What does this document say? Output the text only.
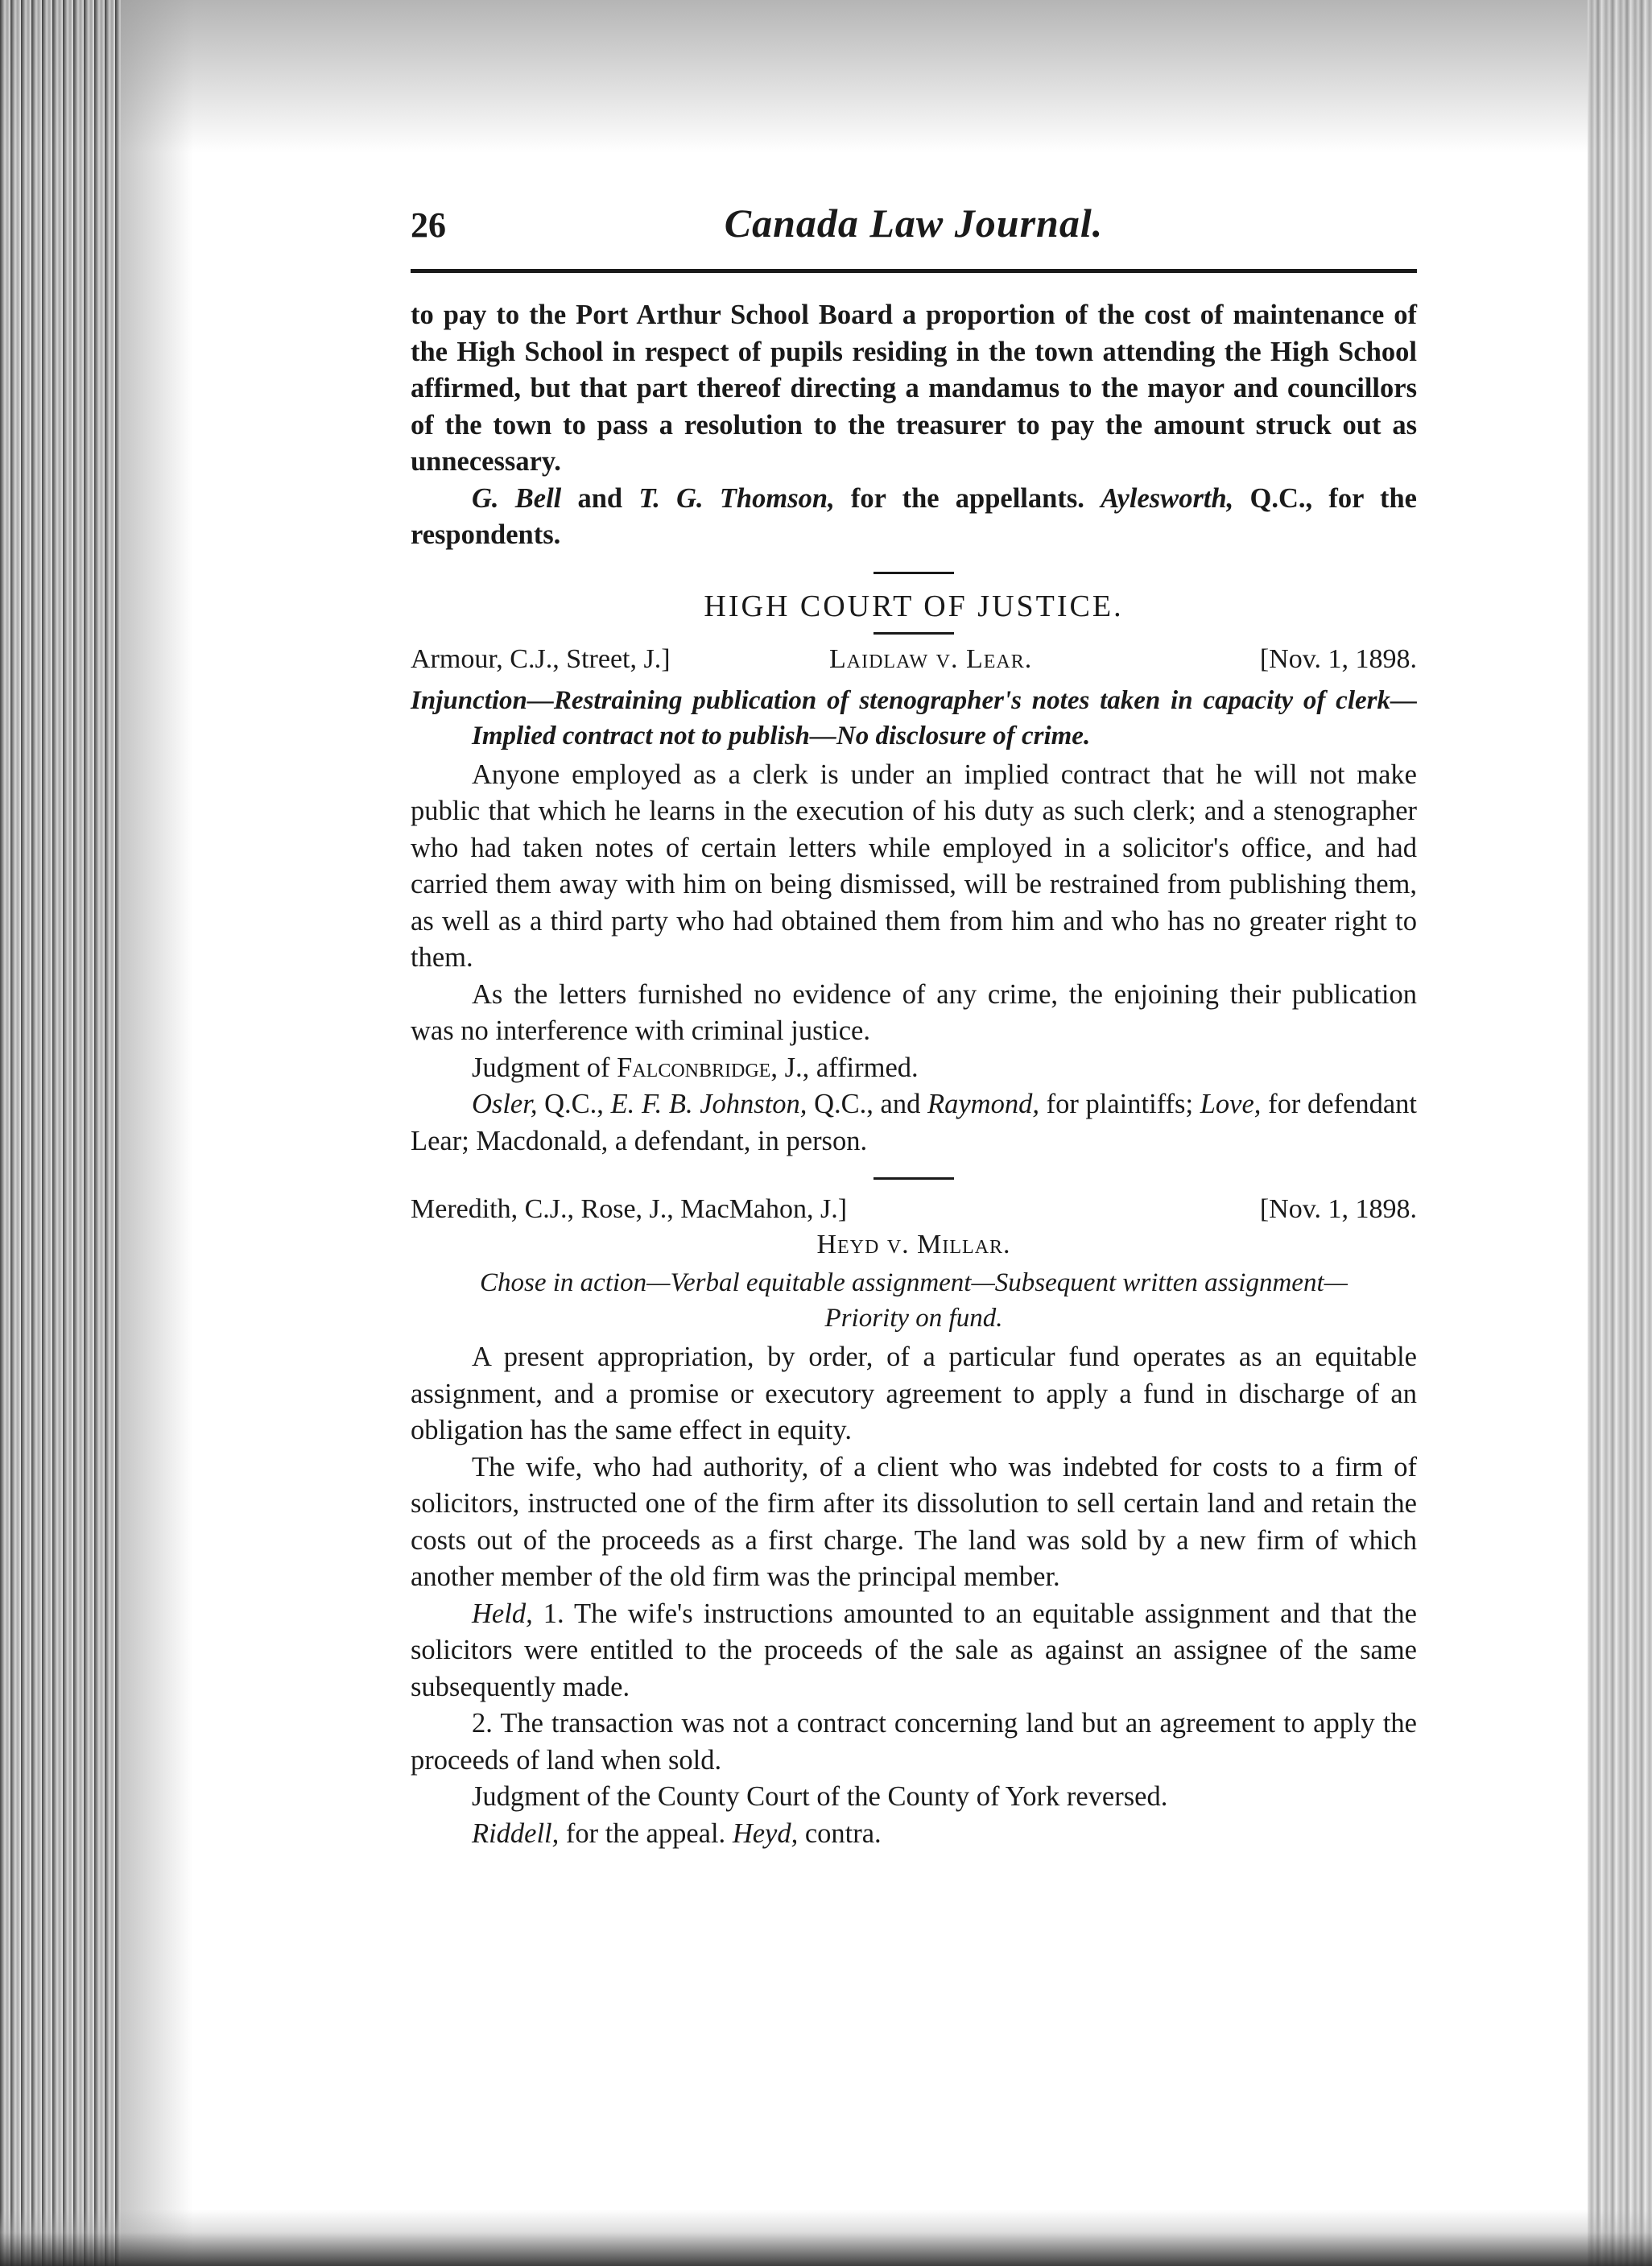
26	Canada Law Journal.

to pay to the Port Arthur School Board a proportion of the cost of maintenance of the High School in respect of pupils residing in the town attending the High School affirmed, but that part thereof directing a mandamus to the mayor and councillors of the town to pass a resolution to the treasurer to pay the amount struck out as unnecessary.

G. Bell and T. G. Thomson, for the appellants. Aylesworth, Q.C., for the respondents.

HIGH COURT OF JUSTICE.
Armour, C.J., Street, J.]	Laidlaw v. Lear.	[Nov. 1, 1898.
Injunction—Restraining publication of stenographer's notes taken in capacity of clerk—Implied contract not to publish—No disclosure of crime.

Anyone employed as a clerk is under an implied contract that he will not make public that which he learns in the execution of his duty as such clerk; and a stenographer who had taken notes of certain letters while employed in a solicitor's office, and had carried them away with him on being dismissed, will be restrained from publishing them, as well as a third party who had obtained them from him and who has no greater right to them.

As the letters furnished no evidence of any crime, the enjoining their publication was no interference with criminal justice.

Judgment of Falconbridge, J., affirmed.

Osler, Q.C., E. F. B. Johnston, Q.C., and Raymond, for plaintiffs; Love, for defendant Lear; Macdonald, a defendant, in person.

Meredith, C.J., Rose, J., MacMahon, J.]	[Nov. 1, 1898.
Heyd v. Millar.
Chose in action—Verbal equitable assignment—Subsequent written assignment—Priority on fund.

A present appropriation, by order, of a particular fund operates as an equitable assignment, and a promise or executory agreement to apply a fund in discharge of an obligation has the same effect in equity.

The wife, who had authority, of a client who was indebted for costs to a firm of solicitors, instructed one of the firm after its dissolution to sell certain land and retain the costs out of the proceeds as a first charge. The land was sold by a new firm of which another member of the old firm was the principal member.

Held, 1. The wife's instructions amounted to an equitable assignment and that the solicitors were entitled to the proceeds of the sale as against an assignee of the same subsequently made.

2. The transaction was not a contract concerning land but an agreement to apply the proceeds of land when sold.

Judgment of the County Court of the County of York reversed.

Riddell, for the appeal. Heyd, contra.
